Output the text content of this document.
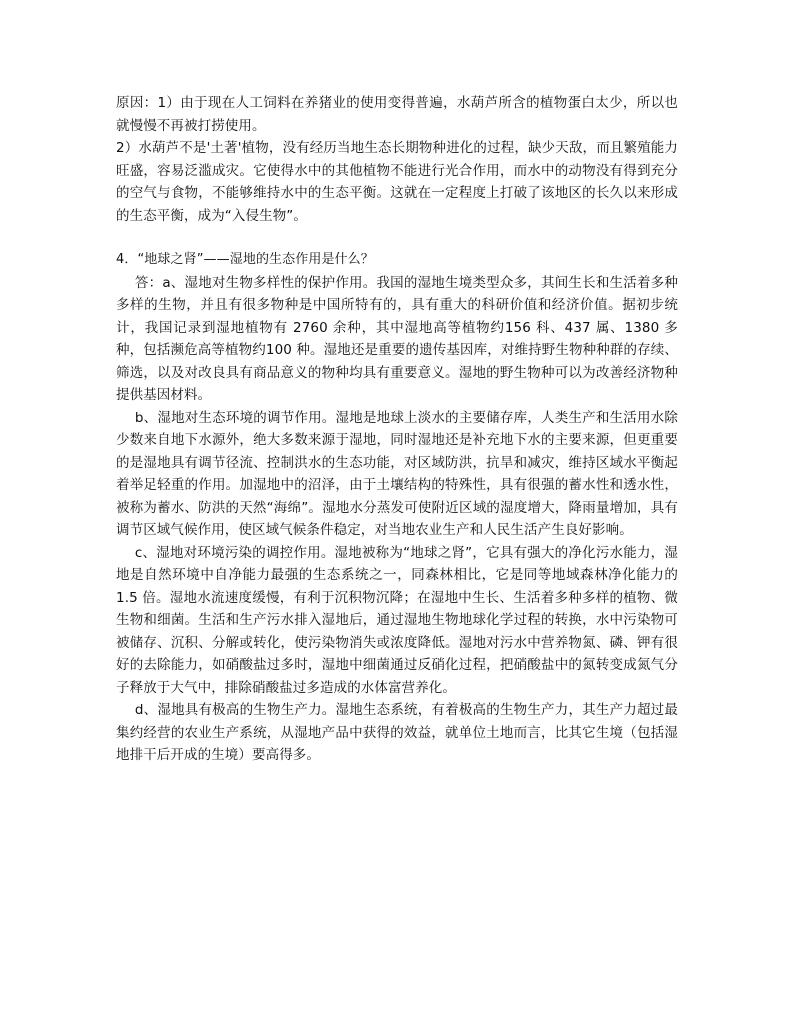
原因：1）由于现在人工饲料在养猪业的使用变得普遍，水葫芦所含的植物蛋白太少，所以也就慢慢不再被打捞使用。

2）水葫芦不是'土著'植物，没有经历当地生态长期物种进化的过程，缺少天敌，而且繁殖能力旺盛，容易泛滥成灾。它使得水中的其他植物不能进行光合作用，而水中的动物没有得到充分的空气与食物，不能够维持水中的生态平衡。这就在一定程度上打破了该地区的长久以来形成的生态平衡，成为“入侵生物”。

4．“地球之肾”——湿地的生态作用是什么？

答：a、湿地对生物多样性的保护作用。我国的湿地生境类型众多，其间生长和生活着多种多样的生物，并且有很多物种是中国所特有的，具有重大的科研价值和经济价值。据初步统计，我国记录到湿地植物有 2760 余种，其中湿地高等植物约156 科、437 属、1380 多种，包括濒危高等植物约100 种。湿地还是重要的遗传基因库，对维持野生物种种群的存续、筛选，以及对改良具有商品意义的物种均具有重要意义。湿地的野生物种可以为改善经济物种提供基因材料。

b、湿地对生态环境的调节作用。湿地是地球上淡水的主要储存库，人类生产和生活用水除少数来自地下水源外，绝大多数来源于湿地，同时湿地还是补充地下水的主要来源，但更重要的是湿地具有调节径流、控制洪水的生态功能，对区域防洪，抗旱和减灾，维持区域水平衡起着举足轻重的作用。加湿地中的沼泽，由于土壤结构的特殊性，具有很强的蓄水性和透水性，被称为蓄水、防洪的天然“海绵”。湿地水分蒸发可使附近区域的湿度增大，降雨量增加，具有调节区域气候作用，使区域气候条件稳定，对当地农业生产和人民生活产生良好影响。

c、湿地对环境污染的调控作用。湿地被称为“地球之肾”，它具有强大的净化污水能力，湿地是自然环境中自净能力最强的生态系统之一，同森林相比，它是同等地域森林净化能力的 1.5 倍。湿地水流速度缓慢，有利于沉积物沉降；在湿地中生长、生活着多种多样的植物、微生物和细菌。生活和生产污水排入湿地后，通过湿地生物地球化学过程的转换，水中污染物可被储存、沉积、分解或转化，使污染物消失或浓度降低。湿地对污水中营养物氮、磷、钾有很好的去除能力，如硝酸盐过多时，湿地中细菌通过反硝化过程，把硝酸盐中的氮转变成氮气分子释放于大气中，排除硝酸盐过多造成的水体富营养化。

d、湿地具有极高的生物生产力。湿地生态系统，有着极高的生物生产力，其生产力超过最集约经营的农业生产系统，从湿地产品中获得的效益，就单位土地而言，比其它生境（包括湿地排干后开成的生境）要高得多。
